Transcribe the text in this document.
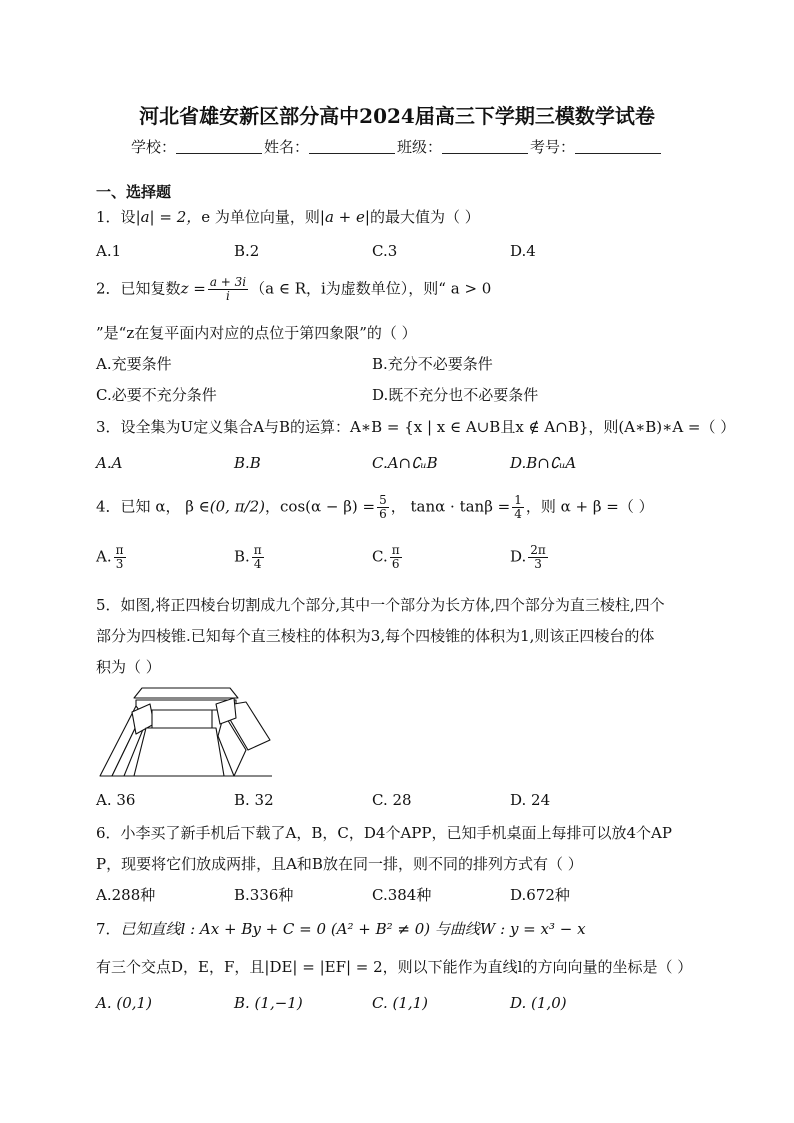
河北省雄安新区部分高中2024届高三下学期三模数学试卷
学校：	姓名：	班级：	考号：
一、选择题
1．设|a| = 2，e 为单位向量，则|a + e|的最大值为（ ）
A.1	B.2	C.3	D.4
2．已知复数$z = \frac{a + 3i}{i} (a$ ∈ R，i为虚数单位），则“ a > 0
”是“z在复平面内对应的点位于第四象限”的（ ）
A.充要条件	B.充分不必要条件
C.必要不充分条件	D.既不充分也不必要条件
3．设全集为U定义集合A与B的运算：A∗B = {x | x ∈ A∪B且x ∉ A∩B}，则(A∗B)∗A =（ ）
A.A	B.B	C.A∩∁ᵤB	D.B∩∁ᵤA
4．已知 α， β ∈(0, π/2)，$\cos(\alpha - \beta) = \frac{5}{6}$ ， $\tan\alpha \cdot \tan\beta = \frac{1}{4}$ ，则 α + β =（ ）
A. $\frac{\pi}{3}$	B. $\frac{\pi}{4}$	C. $\frac{\pi}{6}$	D. $\frac{2\pi}{3}$
5．如图,将正四棱台切割成九个部分,其中一个部分为长方体,四个部分为直三棱柱,四个
部分为四棱锥.已知每个直三棱柱的体积为3,每个四棱锥的体积为1,则该正四棱台的体
积为（ ）
A. 36	B. 32	C. 28	D. 24
6．小李买了新手机后下载了A，B，C，D4个APP，已知手机桌面上每排可以放4个AP
P，现要将它们放成两排，且A和B放在同一排，则不同的排列方式有（ ）
A.288种	B.336种	C.384种	D.672种
7．已知直线l : Ax + By + C = 0 (A² + B² ≠ 0) 与曲线W : y = x³ − x
有三个交点D，E，F，且|DE| = |EF| = 2，则以下能作为直线l的方向向量的坐标是（ ）
A. (0,1)	B. (1,−1)	C. (1,1)	D. (1,0)
